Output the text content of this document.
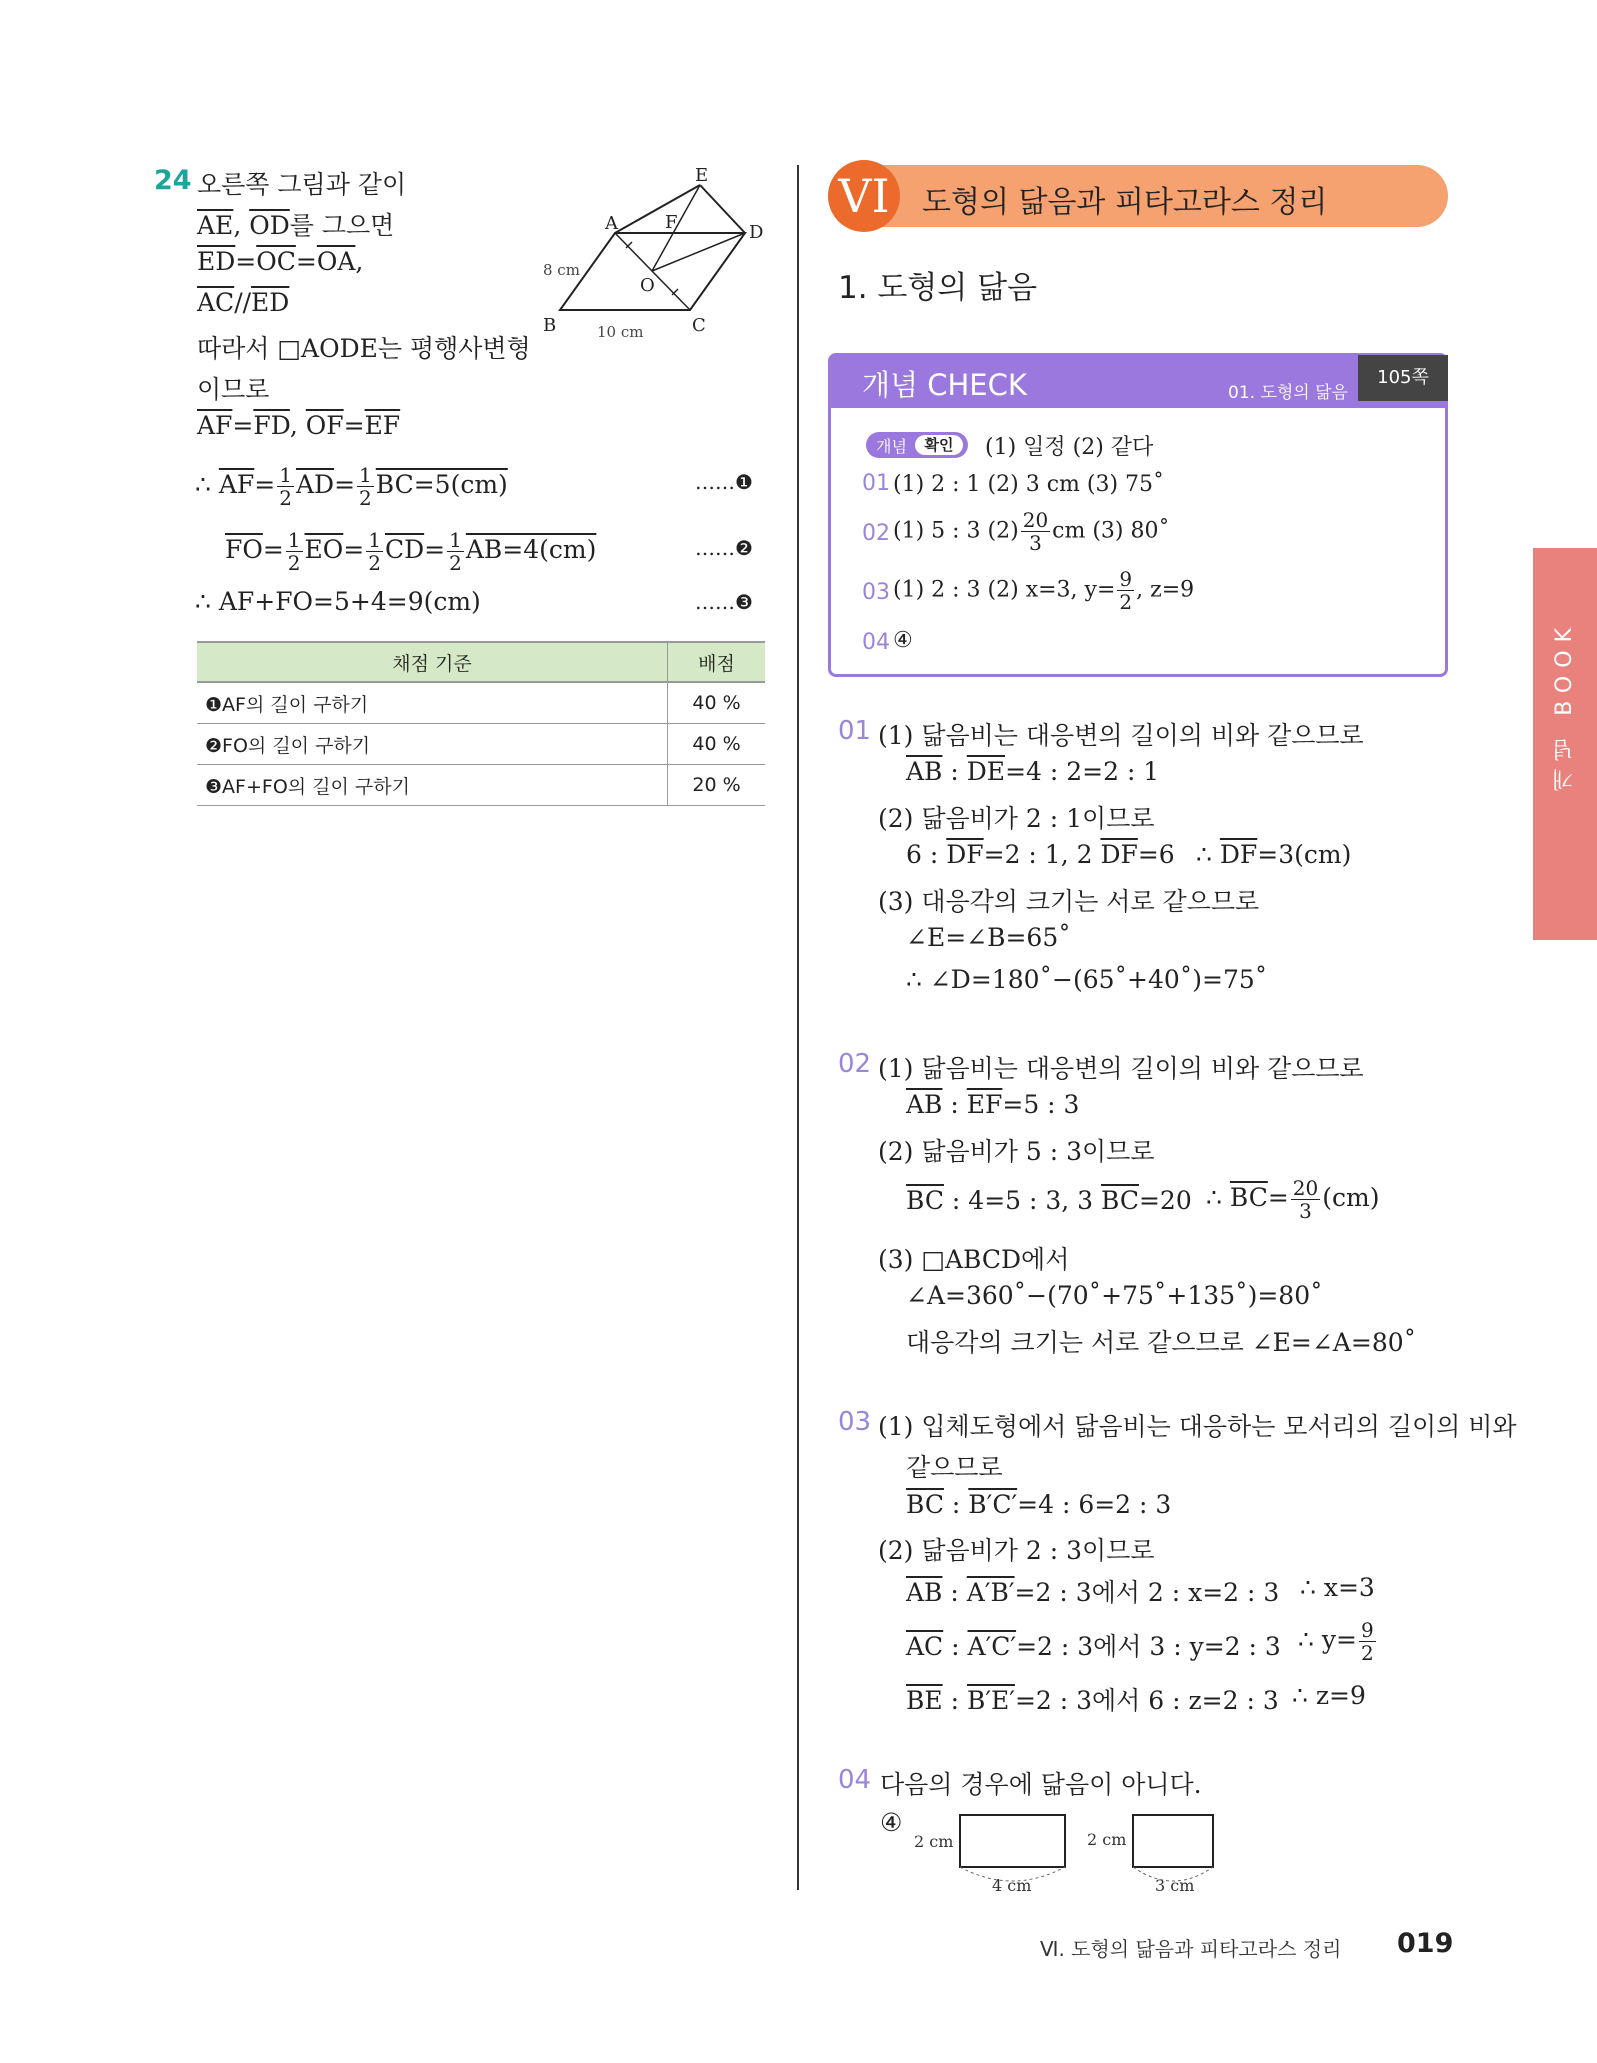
24 오른쪽 그림과 같이
$\overline{AE}$, $\overline{OD}$를 그으면
$\overline{ED}=\overline{OC}=\overline{OA}$,
$\overline{AC}//\overline{ED}$
따라서 □AODE는 평행사변형
이므로
$\overline{AF}=\overline{FD}$, $\overline{OF}=\overline{EF}$
E
A	F	D
O
B	C
8 cm
10 cm
∴ $\overline{AF}= \frac{1}{2} \overline{AD}= \frac{1}{2} BC=5(cm)$	……❶
$\overline{FO}= \frac{1}{2} \overline{EO}= \frac{1}{2} \overline{CD}= \frac{1}{2} AB=4(cm)$	……❷
∴ AF+FO=5+4=9(cm)	……❸
채점 기준	배점
❶AF의 길이 구하기	40 %
❷FO의 길이 구하기	40 %
❸AF+FO의 길이 구하기	20 %
VI	도형의 닮음과 피타고라스 정리
1. 도형의 닮음
개념 CHECK	01. 도형의 닮음
105쪽
개념	확인	(1) 일정 (2) 같다
01 (1) 2 : 1 (2) 3 cm (3) 75˚
02 (1) 5 : 3 $(2) \frac{20}{3}$ cm (3) 80˚
03 (1) 2 : 3 (2) x=3, $y= \frac{9}{2}$ , z=9
04 ④
01 (1) 닮음비는 대응변의 길이의 비와 같으므로
$\overline{AB}$ : $\overline{DE}=4$ : 2=2 : 1
(2) 닮음비가 2 : 1이므로
6 : $\overline{DF}=2$ : 1, 2 $\overline{DF}=6$ ∴ $\overline{DF}=3(cm)$
(3) 대응각의 크기는 서로 같으므로
∠E=∠B=65˚
∴ ∠D=180˚−(65˚+40˚)=75˚
02 (1) 닮음비는 대응변의 길이의 비와 같으므로
$\overline{AB}$ : $\overline{EF}=5$ : 3
(2) 닮음비가 5 : 3이므로
$\overline{BC}$ : 4=5 : 3, 3 $\overline{BC}=20$ ∴ $\overline{BC}= \frac{20}{3} (cm)$
(3) □ABCD에서
∠A=360˚−(70˚+75˚+135˚)=80˚
대응각의 크기는 서로 같으므로 ∠E=∠A=80˚
03 (1) 입체도형에서 닮음비는 대응하는 모서리의 길이의 비와
같으므로
$\overline{BC}$ : B′C′=4 : 6=2 : 3
(2) 닮음비가 2 : 3이므로
$\overline{AB}$ : A′B′=2 : 3에서 2 : x=2 : 3 ∴ x=3
$\overline{AC}$ : A′C′=2 : 3에서 3 : y=2 : 3 ∴ $y= \frac{9}{2}$
$\overline{BE}$ : B′E′=2 : 3에서 6 : z=2 : 3 ∴ z=9
04 다음의 경우에 닮음이 아니다.
④
2 cm
4 cm
2 cm
3 cm
개념 BOOK
Ⅵ. 도형의 닮음과 피타고라스 정리 019
